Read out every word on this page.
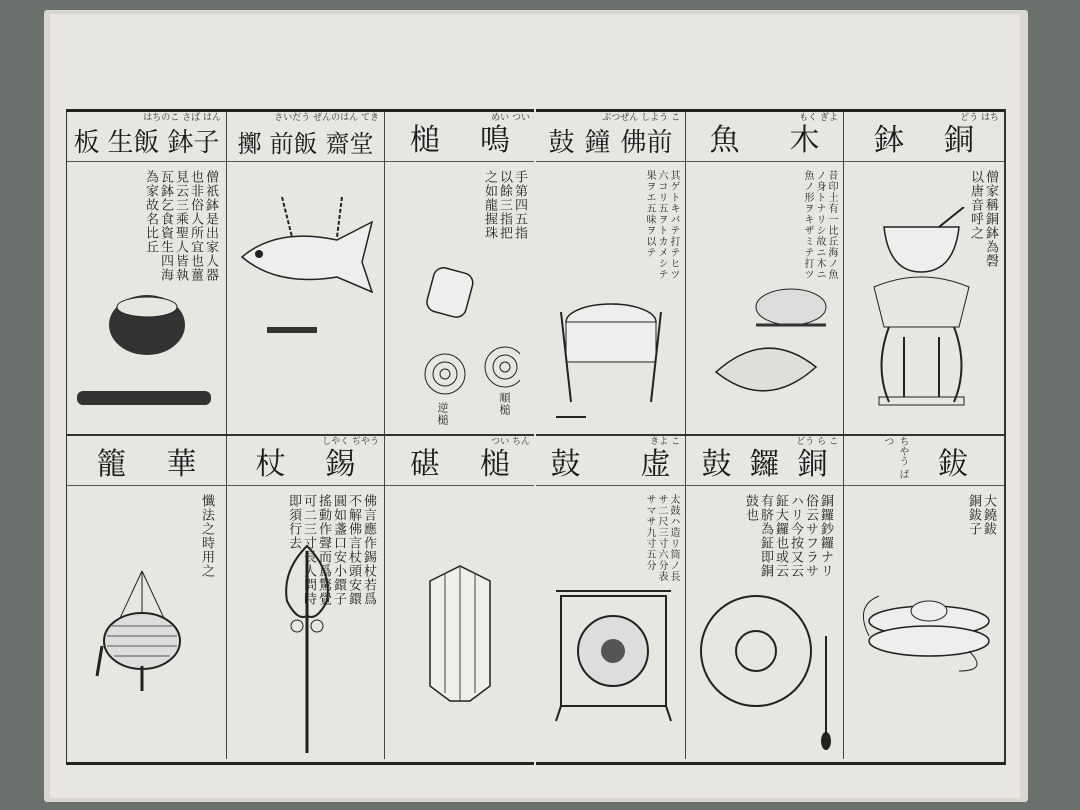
鉢子
生飯
板
はちのこ さば はん
僧祇鉢是出家人器也非俗人所宜也薑見云三乘聖人皆執瓦鉢乞食資生四海為家故名比丘
齋堂
前飯
擲
さいだう ぜんのはん てき
鳴
槌
めい つい
手第四五指以餘三指把之如龍握珠
逆槌	順槌
華
籠
懺法之時用之
錫
杖
しやく ぢやう
佛言應作錫杖若爲不解佛言杖頭安鐶圓如盞口安小鐶子搖動作聲而爲驚覺可二三寸長人問時即須行去
槌
碪
つい ちん
佛前
鐘
鼓
ぶつぜん しよう こ
其ゲトキバテ打テヒツ六コリ五ヲトカメシテ果ヲエ五味ヲ以テ
木
魚
もく ぎよ
昔印土有一比丘海ノ魚ノ身トナリシ故ニ木ニ魚ノ形ヲキザミテ打ツ
銅
鉢
どう はち
僧家稱銅鉢為磬以唐音呼之
虚
鼓
きよ こ
太鼓ハ造リ筒ノ長サ二尺三寸六分表サマサ九寸五分
銅
鑼
鼓
どう ら こ
銅鑼鈔鑼ナリ俗云サフラサハリ今按又云鉦大鑼也或云有脐為鉦即銅鼓也
鈸
ちやう ばつ
大鐃鈸 銅鈸子
